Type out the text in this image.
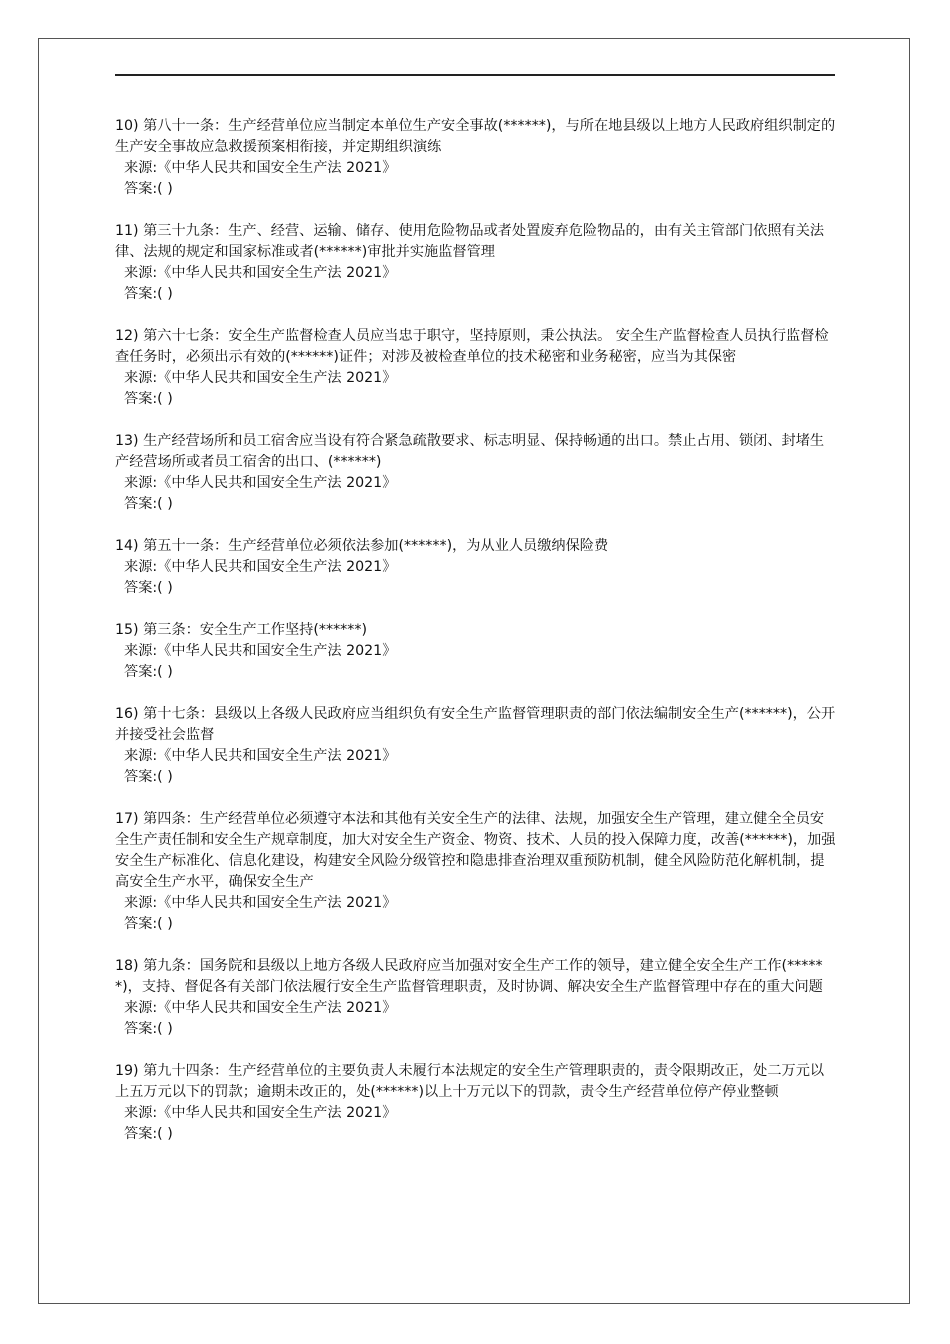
10) 第八十一条：生产经营单位应当制定本单位生产安全事故(******)，与所在地县级以上地方人民政府组织制定的生产安全事故应急救援预案相衔接，并定期组织演练
来源:《中华人民共和国安全生产法 2021》
答案:( )
11) 第三十九条：生产、经营、运输、储存、使用危险物品或者处置废弃危险物品的，由有关主管部门依照有关法律、法规的规定和国家标准或者(******)审批并实施监督管理
来源:《中华人民共和国安全生产法 2021》
答案:( )
12) 第六十七条：安全生产监督检查人员应当忠于职守，坚持原则，秉公执法。 安全生产监督检查人员执行监督检查任务时，必须出示有效的(******)证件；对涉及被检查单位的技术秘密和业务秘密，应当为其保密
来源:《中华人民共和国安全生产法 2021》
答案:( )
13) 生产经营场所和员工宿舍应当设有符合紧急疏散要求、标志明显、保持畅通的出口。禁止占用、锁闭、封堵生产经营场所或者员工宿舍的出口、(******)
来源:《中华人民共和国安全生产法 2021》
答案:( )
14) 第五十一条：生产经营单位必须依法参加(******)，为从业人员缴纳保险费
来源:《中华人民共和国安全生产法 2021》
答案:( )
15) 第三条：安全生产工作坚持(******)
来源:《中华人民共和国安全生产法 2021》
答案:( )
16) 第十七条：县级以上各级人民政府应当组织负有安全生产监督管理职责的部门依法编制安全生产(******)，公开并接受社会监督
来源:《中华人民共和国安全生产法 2021》
答案:( )
17) 第四条：生产经营单位必须遵守本法和其他有关安全生产的法律、法规，加强安全生产管理，建立健全全员安全生产责任制和安全生产规章制度，加大对安全生产资金、物资、技术、人员的投入保障力度，改善(******)，加强安全生产标准化、信息化建设，构建安全风险分级管控和隐患排查治理双重预防机制，健全风险防范化解机制，提高安全生产水平，确保安全生产
来源:《中华人民共和国安全生产法 2021》
答案:( )
18) 第九条：国务院和县级以上地方各级人民政府应当加强对安全生产工作的领导，建立健全安全生产工作(******)，支持、督促各有关部门依法履行安全生产监督管理职责，及时协调、解决安全生产监督管理中存在的重大问题
来源:《中华人民共和国安全生产法 2021》
答案:( )
19) 第九十四条：生产经营单位的主要负责人未履行本法规定的安全生产管理职责的，责令限期改正，处二万元以上五万元以下的罚款；逾期未改正的，处(******)以上十万元以下的罚款，责令生产经营单位停产停业整顿
来源:《中华人民共和国安全生产法 2021》
答案:( )
